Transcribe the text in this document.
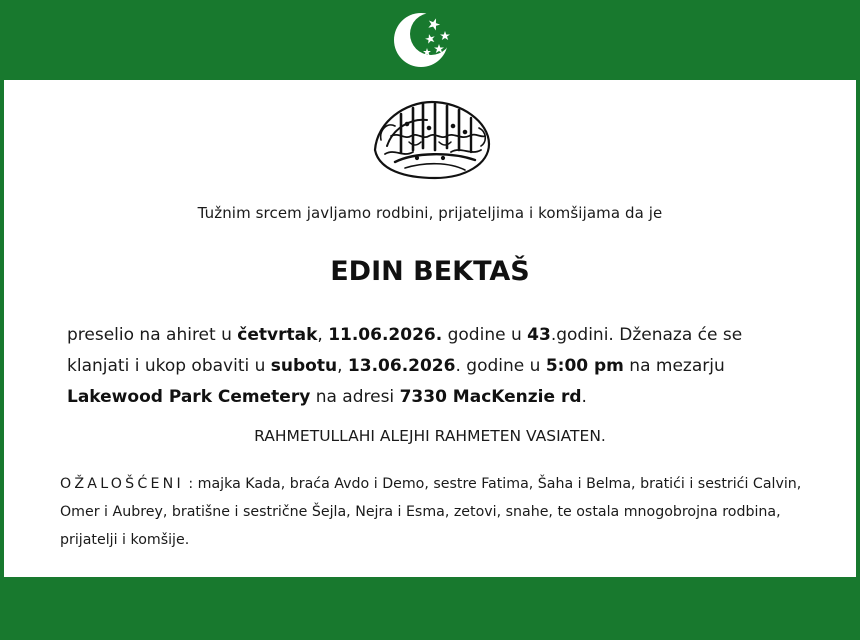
Tužnim srcem javljamo rodbini, prijateljima i komšijama da je
EDIN BEKTAŠ
preselio na ahiret u četvrtak, 11.06.2026. godine u 43.godini. Dženaza će se klanjati i ukop obaviti u subotu, 13.06.2026. godine u 5:00 pm na mezarju Lakewood Park Cemetery na adresi 7330 MacKenzie rd.
RAHMETULLAHI ALEJHI RAHMETEN VASIATEN.
OŽALOŠĆENI : majka Kada, braća Avdo i Demo, sestre Fatima, Šaha i Belma, bratići i sestrići Calvin, Omer i Aubrey, bratišne i sestrične Šejla, Nejra i Esma, zetovi, snahe, te ostala mnogobrojna rodbina, prijatelji i komšije.
